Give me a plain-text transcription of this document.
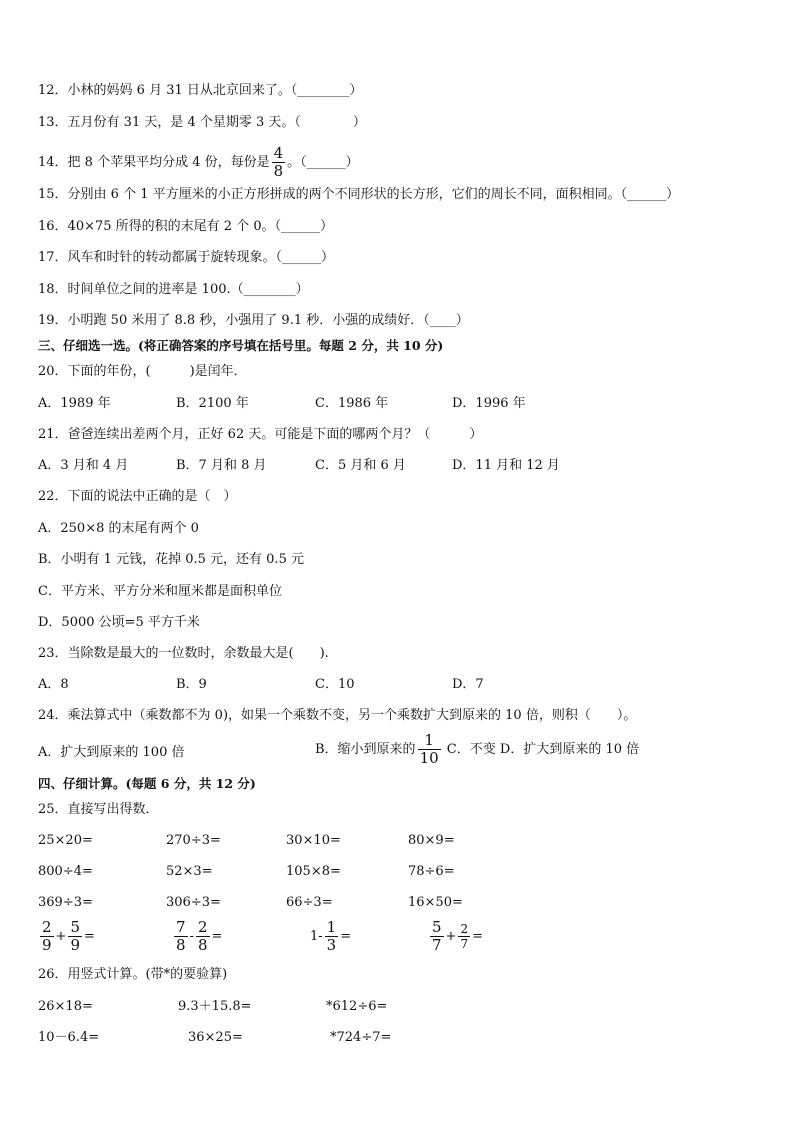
12．小林的妈妈 6 月 31 日从北京回来了。（________）
13．五月份有 31 天，是 4 个星期零 3 天。（　　　　）
14．把 8 个苹果平均分成 4 份，每份是 $\frac{4}{8}$ 。（______）
15．分别由 6 个 1 平方厘米的小正方形拼成的两个不同形状的长方形，它们的周长不同，面积相同。（______）
16．40×75 所得的积的末尾有 2 个 0。（______）
17．风车和时针的转动都属于旋转现象。（______）
18．时间单位之间的进率是 100.（________）
19．小明跑 50 米用了 8.8 秒，小强用了 9.1 秒．小强的成绩好．（____）
三、仔细选一选。(将正确答案的序号填在括号里。每题 2 分，共 10 分)
20．下面的年份，(　　　)是闰年．
A．1989 年	B．2100 年	C．1986 年	D．1996 年
21．爸爸连续出差两个月，正好 62 天。可能是下面的哪两个月？（　　　）
A．3 月和 4 月	B．7 月和 8 月	C．5 月和 6 月	D．11 月和 12 月
22．下面的说法中正确的是（　）
A．250×8 的末尾有两个 0
B．小明有 1 元钱，花掉 0.5 元，还有 0.5 元
C．平方米、平方分米和厘米都是面积单位
D．5000 公顷=5 平方千米
23．当除数是最大的一位数时，余数最大是(　　).
A．8	B．9	C．10	D．7
24．乘法算式中（乘数都不为 0)，如果一个乘数不变，另一个乘数扩大到原来的 10 倍，则积（　　）。
A．扩大到原来的 100 倍	B．缩小到原来的 $\frac{1}{10}$ C．不变 D．扩大到原来的 10 倍
四、仔细计算。(每题 6 分，共 12 分)
25．直接写出得数．
25×20=	270÷3=	30×10=	80×9=
800÷4=	52×3=	105×8=	78÷6=
369÷3=	306÷3=	66÷3=	16×50=
$\frac{2}{9} + \frac{5}{9}$ =	$\frac{7}{8} - \frac{2}{8}$ =	$1- \frac{1}{3}$ =	$\frac{5}{7} + \frac{2}{7}$ =
26．用竖式计算。(带*的要验算)
26×18=	9.3＋15.8=	*612÷6=
10－6.4=	36×25=	*724÷7=
